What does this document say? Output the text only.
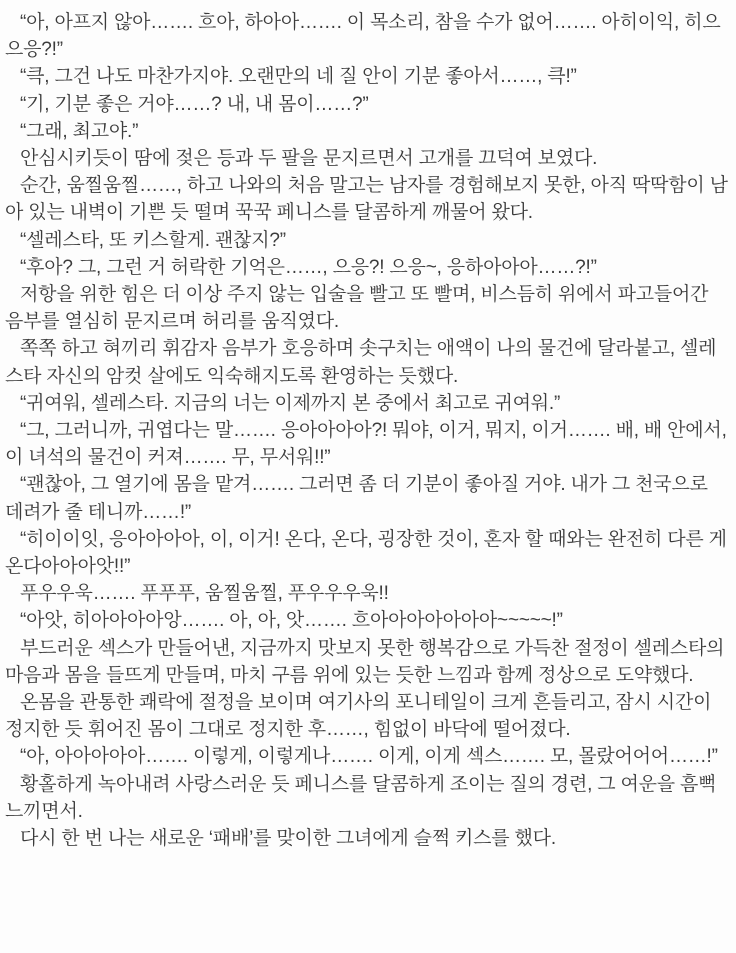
“아, 아프지 않아……. 흐아, 하아아……. 이 목소리, 참을 수가 없어……. 아히이익, 히으으응?!”

“큭, 그건 나도 마찬가지야. 오랜만의 네 질 안이 기분 좋아서……, 큭!”

“기, 기분 좋은 거야……? 내, 내 몸이……?”

“그래, 최고야.”

안심시키듯이 땀에 젖은 등과 두 팔을 문지르면서 고개를 끄덕여 보였다.

순간, 움찔움찔……, 하고 나와의 처음 말고는 남자를 경험해보지 못한, 아직 딱딱함이 남아 있는 내벽이 기쁜 듯 떨며 꾹꾹 페니스를 달콤하게 깨물어 왔다.

“셀레스타, 또 키스할게. 괜찮지?”

“후아? 그, 그런 거 허락한 기억은……, 으응?! 으응~, 응하아아아……?!”

저항을 위한 힘은 더 이상 주지 않는 입술을 빨고 또 빨며, 비스듬히 위에서 파고들어간 음부를 열심히 문지르며 허리를 움직였다.

쪽쪽 하고 혀끼리 휘감자 음부가 호응하며 솟구치는 애액이 나의 물건에 달라붙고, 셀레스타 자신의 암컷 살에도 익숙해지도록 환영하는 듯했다.

“귀여워, 셀레스타. 지금의 너는 이제까지 본 중에서 최고로 귀여워.”

“그, 그러니까, 귀엽다는 말……. 응아아아아?! 뭐야, 이거, 뭐지, 이거……. 배, 배 안에서, 이 녀석의 물건이 커져……. 무, 무서워!!”

“괜찮아, 그 열기에 몸을 맡겨……. 그러면 좀 더 기분이 좋아질 거야. 내가 그 천국으로 데려가 줄 테니까……!”

“히이이잇, 응아아아아, 이, 이거! 온다, 온다, 굉장한 것이, 혼자 할 때와는 완전히 다른 게 온다아아아앗!!”

푸우우욱……. 푸푸푸, 움찔움찔, 푸우우우욱!!

“아앗, 히아아아아앙……. 아, 아, 앗……. 흐아아아아아아아~~~~~!”

부드러운 섹스가 만들어낸, 지금까지 맛보지 못한 행복감으로 가득찬 절정이 셀레스타의 마음과 몸을 들뜨게 만들며, 마치 구름 위에 있는 듯한 느낌과 함께 정상으로 도약했다.

온몸을 관통한 쾌락에 절정을 보이며 여기사의 포니테일이 크게 흔들리고, 잠시 시간이 정지한 듯 휘어진 몸이 그대로 정지한 후……, 힘없이 바닥에 떨어졌다.

“아, 아아아아아……. 이렇게, 이렇게나……. 이게, 이게 섹스……. 모, 몰랐어어어……!”

황홀하게 녹아내려 사랑스러운 듯 페니스를 달콤하게 조이는 질의 경련, 그 여운을 흠뻑 느끼면서.

다시 한 번 나는 새로운 ‘패배’를 맞이한 그녀에게 슬쩍 키스를 했다.
